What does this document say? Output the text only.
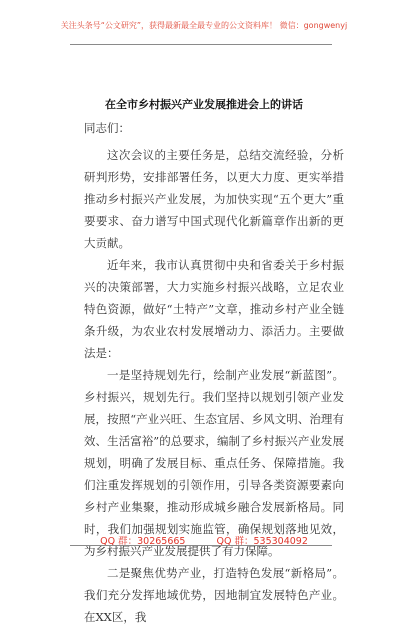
关注头条号“公文研究”，获得最新最全最专业的公文资料库！ 微信：gongwenyj
在全市乡村振兴产业发展推进会上的讲话
同志们：

这次会议的主要任务是，总结交流经验，分析研判形势，安排部署任务，以更大力度、更实举措推动乡村振兴产业发展，为加快实现“五个更大”重要要求、奋力谱写中国式现代化新篇章作出新的更大贡献。

近年来，我市认真贯彻中央和省委关于乡村振兴的决策部署，大力实施乡村振兴战略，立足农业特色资源，做好“土特产”文章，推动乡村产业全链条升级，为农业农村发展增动力、添活力。主要做法是：

一是坚持规划先行，绘制产业发展“新蓝图”。乡村振兴，规划先行。我们坚持以规划引领产业发展，按照“产业兴旺、生态宜居、乡风文明、治理有效、生活富裕”的总要求，编制了乡村振兴产业发展规划，明确了发展目标、重点任务、保障措施。我们注重发挥规划的引领作用，引导各类资源要素向乡村产业集聚，推动形成城乡融合发展新格局。同时，我们加强规划实施监管，确保规划落地见效，为乡村振兴产业发展提供了有力保障。

二是聚焦优势产业，打造特色发展“新格局”。我们充分发挥地域优势，因地制宜发展特色产业。在XX区，我

QQ 群：30265665	QQ 群：535304092
